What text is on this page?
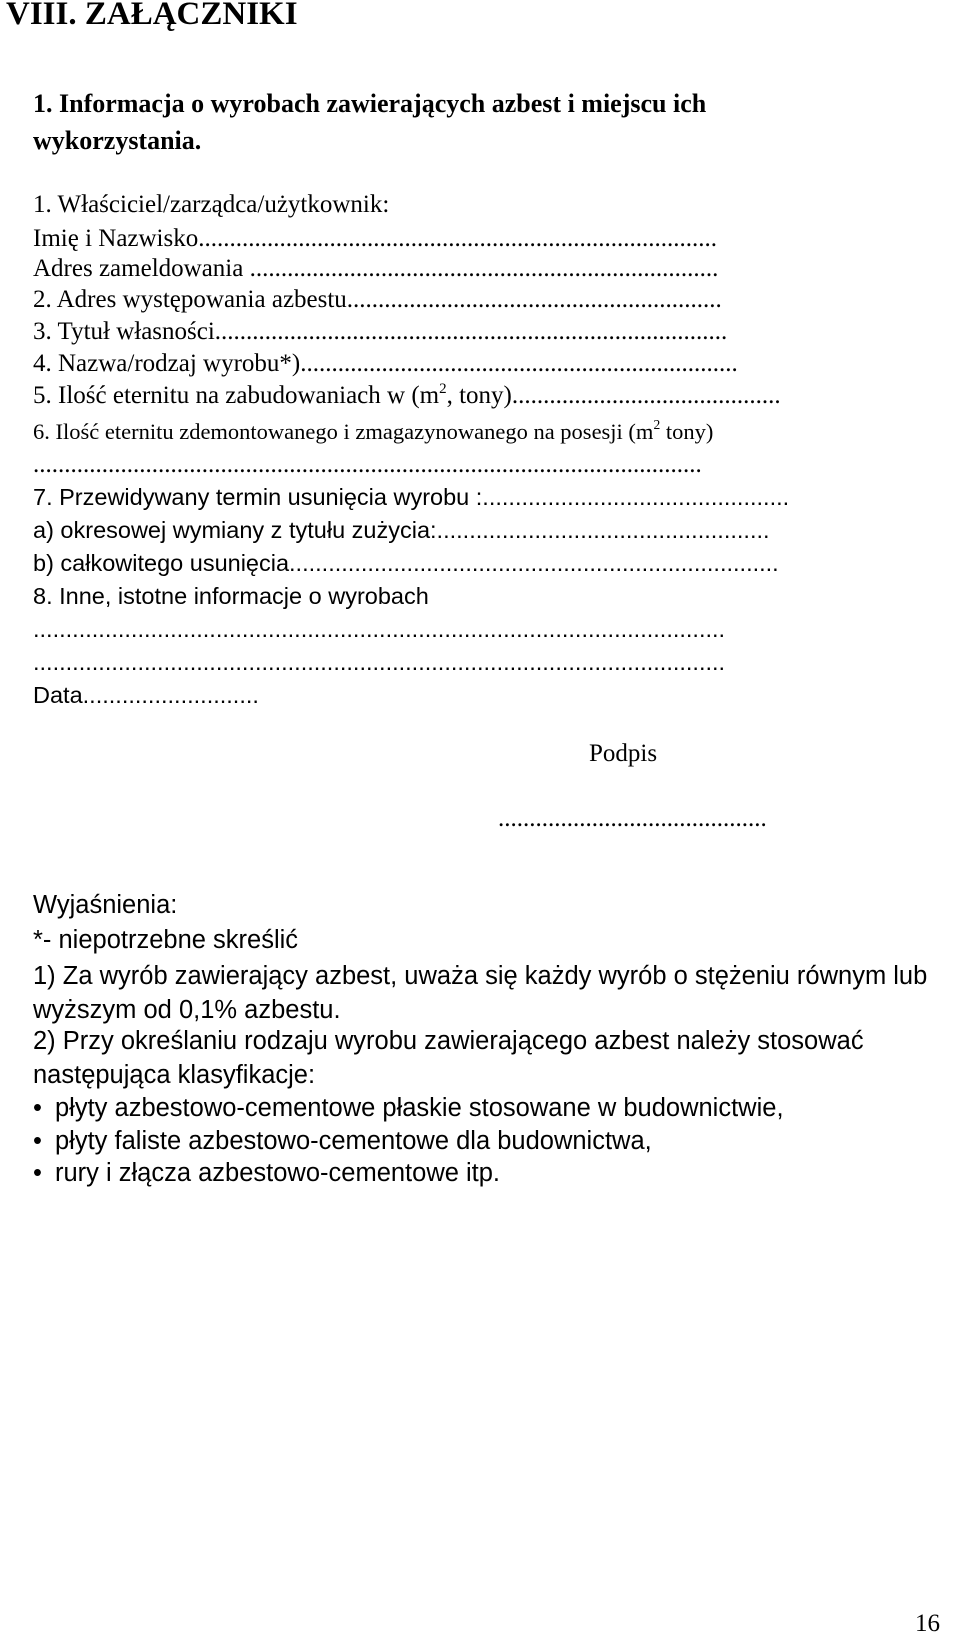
VIII. ZAŁĄCZNIKI
1. Informacja o wyrobach zawierających azbest i miejscu ich
wykorzystania.
1. Właściciel/zarządca/użytkownik:
Imię i Nazwisko...................................................................................
Adres zameldowania ...........................................................................
2. Adres występowania azbestu............................................................
3. Tytuł własności..................................................................................
4. Nazwa/rodzaj wyrobu*)......................................................................
5. Ilość eternitu na zabudowaniach w ($m^2$, tony)...........................................
6. Ilość eternitu zdemontowanego i zmagazynowanego na posesji ($m^2$ tony)
...........................................................................................................
7. Przewidywany termin usunięcia wyrobu :...............................................
a) okresowej wymiany z tytułu zużycia:...................................................
b) całkowitego usunięcia...........................................................................
8. Inne, istotne informacje o wyrobach
..........................................................................................................
..........................................................................................................
Data...........................
Podpis
...........................................
Wyjaśnienia:
*- niepotrzebne skreślić
1) Za wyrób zawierający azbest, uważa się każdy wyrób o stężeniu równym lub
wyższym od 0,1% azbestu.
2) Przy określaniu rodzaju wyrobu zawierającego azbest należy stosować
następująca klasyfikacje:
• płyty azbestowo-cementowe płaskie stosowane w budownictwie,
• płyty faliste azbestowo-cementowe dla budownictwa,
• rury i złącza azbestowo-cementowe itp.
16
